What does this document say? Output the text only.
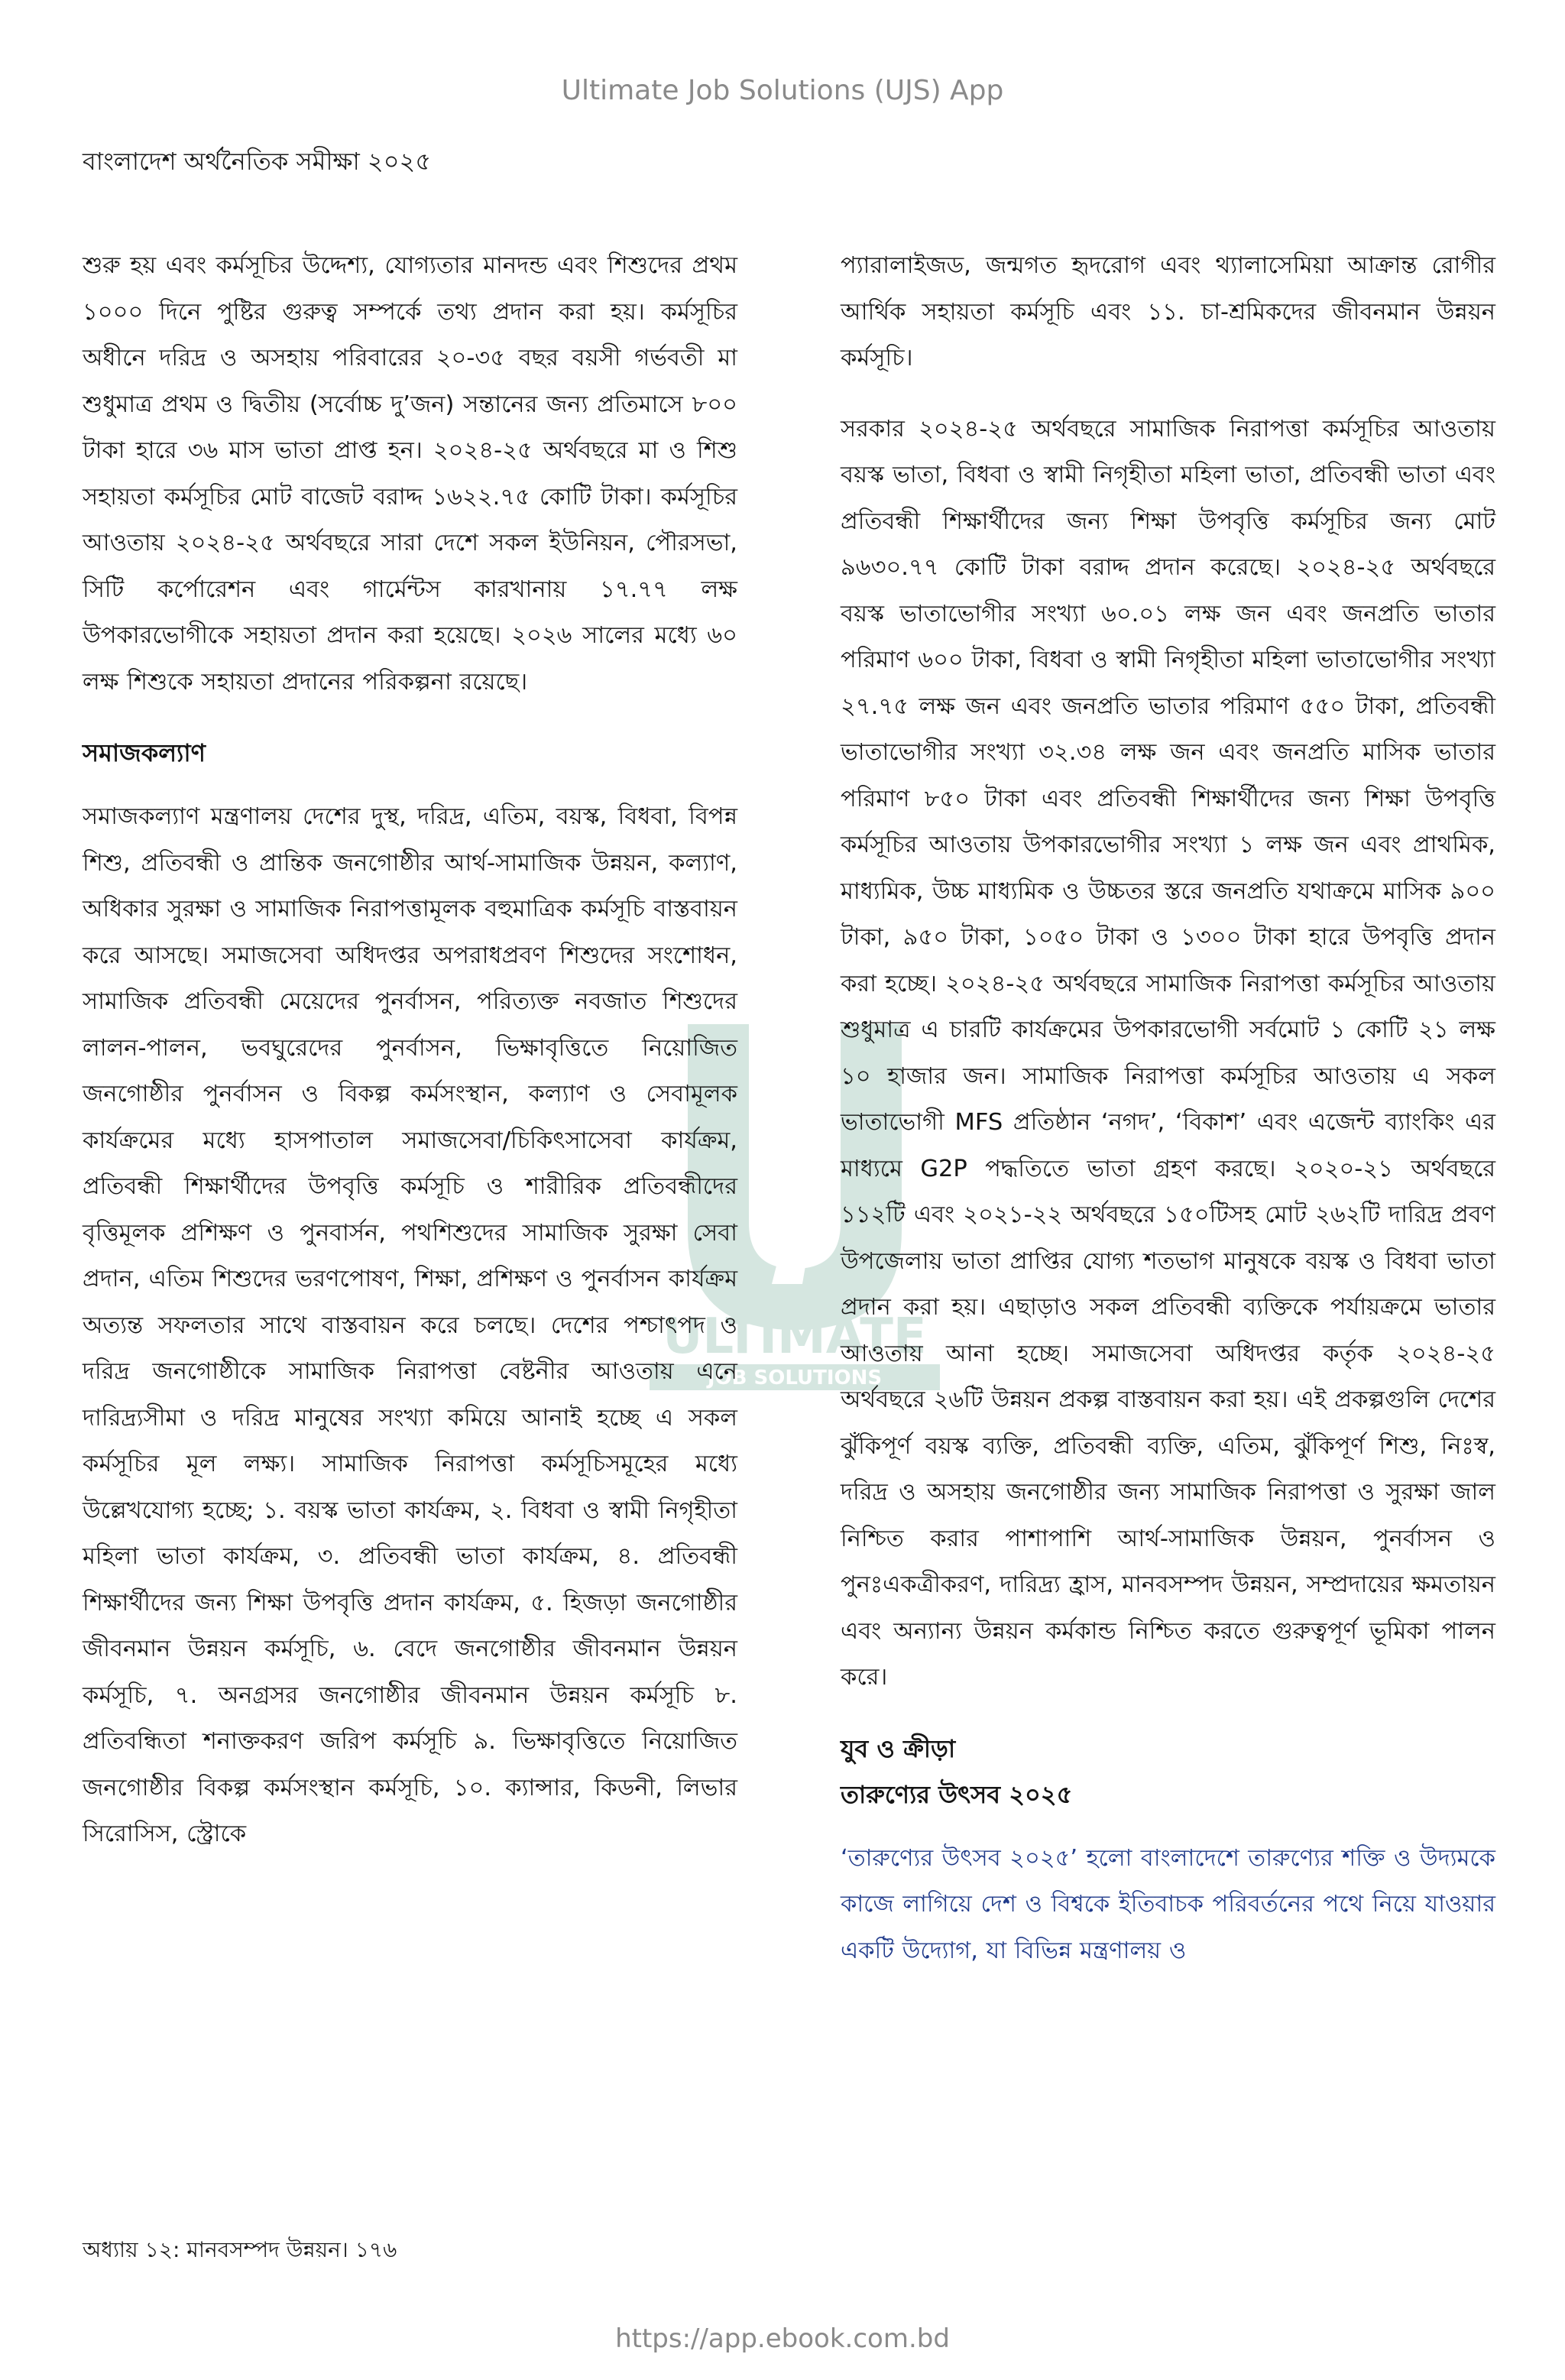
Ultimate Job Solutions (UJS) App
বাংলাদেশ অর্থনৈতিক সমীক্ষা ২০২৫
ULTIMATE
JOB SOLUTIONS

শুরু হয় এবং কর্মসূচির উদ্দেশ্য, যোগ্যতার মানদন্ড এবং শিশুদের প্রথম ১০০০ দিনে পুষ্টির গুরুত্ব সম্পর্কে তথ্য প্রদান করা হয়। কর্মসূচির অধীনে দরিদ্র ও অসহায় পরিবারের ২০-৩৫ বছর বয়সী গর্ভবতী মা শুধুমাত্র প্রথম ও দ্বিতীয় (সর্বোচ্চ দু’জন) সন্তানের জন্য প্রতিমাসে ৮০০ টাকা হারে ৩৬ মাস ভাতা প্রাপ্ত হন। ২০২৪-২৫ অর্থবছরে মা ও শিশু সহায়তা কর্মসূচির মোট বাজেট বরাদ্দ ১৬২২.৭৫ কোটি টাকা। কর্মসূচির আওতায় ২০২৪-২৫ অর্থবছরে সারা দেশে সকল ইউনিয়ন, পৌরসভা, সিটি কর্পোরেশন এবং গার্মেন্টস কারখানায় ১৭.৭৭ লক্ষ উপকারভোগীকে সহায়তা প্রদান করা হয়েছে। ২০২৬ সালের মধ্যে ৬০ লক্ষ শিশুকে সহায়তা প্রদানের পরিকল্পনা রয়েছে।

সমাজকল্যাণ

সমাজকল্যাণ মন্ত্রণালয় দেশের দুস্থ, দরিদ্র, এতিম, বয়স্ক, বিধবা, বিপন্ন শিশু, প্রতিবন্ধী ও প্রান্তিক জনগোষ্ঠীর আর্থ-সামাজিক উন্নয়ন, কল্যাণ, অধিকার সুরক্ষা ও সামাজিক নিরাপত্তামূলক বহুমাত্রিক কর্মসূচি বাস্তবায়ন করে আসছে। সমাজসেবা অধিদপ্তর অপরাধপ্রবণ শিশুদের সংশোধন, সামাজিক প্রতিবন্ধী মেয়েদের পুনর্বাসন, পরিত্যক্ত নবজাত শিশুদের লালন-পালন, ভবঘুরেদের পুনর্বাসন, ভিক্ষাবৃত্তিতে নিয়োজিত জনগোষ্ঠীর পুনর্বাসন ও বিকল্প কর্মসংস্থান, কল্যাণ ও সেবামূলক কার্যক্রমের মধ্যে হাসপাতাল সমাজসেবা/চিকিৎসাসেবা কার্যক্রম, প্রতিবন্ধী শিক্ষার্থীদের উপবৃত্তি কর্মসূচি ও শারীরিক প্রতিবন্ধীদের বৃত্তিমূলক প্রশিক্ষণ ও পুনবার্সন, পথশিশুদের সামাজিক সুরক্ষা সেবা প্রদান, এতিম শিশুদের ভরণপোষণ, শিক্ষা, প্রশিক্ষণ ও পুনর্বাসন কার্যক্রম অত্যন্ত সফলতার সাথে বাস্তবায়ন করে চলছে। দেশের পশ্চাৎপদ ও দরিদ্র জনগোষ্ঠীকে সামাজিক নিরাপত্তা বেষ্টনীর আওতায় এনে দারিদ্র্যসীমা ও দরিদ্র মানুষের সংখ্যা কমিয়ে আনাই হচ্ছে এ সকল কর্মসূচির মূল লক্ষ্য। সামাজিক নিরাপত্তা কর্মসূচিসমূহের মধ্যে উল্লেখযোগ্য হচ্ছে; ১. বয়স্ক ভাতা কার্যক্রম, ২. বিধবা ও স্বামী নিগৃহীতা মহিলা ভাতা কার্যক্রম, ৩. প্রতিবন্ধী ভাতা কার্যক্রম, ৪. প্রতিবন্ধী শিক্ষার্থীদের জন্য শিক্ষা উপবৃত্তি প্রদান কার্যক্রম, ৫. হিজড়া জনগোষ্ঠীর জীবনমান উন্নয়ন কর্মসূচি, ৬. বেদে জনগোষ্ঠীর জীবনমান উন্নয়ন কর্মসূচি, ৭. অনগ্রসর জনগোষ্ঠীর জীবনমান উন্নয়ন কর্মসূচি ৮. প্রতিবন্ধিতা শনাক্তকরণ জরিপ কর্মসূচি ৯. ভিক্ষাবৃত্তিতে নিয়োজিত জনগোষ্ঠীর বিকল্প কর্মসংস্থান কর্মসূচি, ১০. ক্যান্সার, কিডনী, লিভার সিরোসিস, স্ট্রোকে

প্যারালাইজড, জন্মগত হৃদরোগ এবং থ্যালাসেমিয়া আক্রান্ত রোগীর আর্থিক সহায়তা কর্মসূচি এবং ১১. চা-শ্রমিকদের জীবনমান উন্নয়ন কর্মসূচি।

সরকার ২০২৪-২৫ অর্থবছরে সামাজিক নিরাপত্তা কর্মসূচির আওতায় বয়স্ক ভাতা, বিধবা ও স্বামী নিগৃহীতা মহিলা ভাতা, প্রতিবন্ধী ভাতা এবং প্রতিবন্ধী শিক্ষার্থীদের জন্য শিক্ষা উপবৃত্তি কর্মসূচির জন্য মোট ৯৬৩০.৭৭ কোটি টাকা বরাদ্দ প্রদান করেছে। ২০২৪-২৫ অর্থবছরে বয়স্ক ভাতাভোগীর সংখ্যা ৬০.০১ লক্ষ জন এবং জনপ্রতি ভাতার পরিমাণ ৬০০ টাকা, বিধবা ও স্বামী নিগৃহীতা মহিলা ভাতাভোগীর সংখ্যা ২৭.৭৫ লক্ষ জন এবং জনপ্রতি ভাতার পরিমাণ ৫৫০ টাকা, প্রতিবন্ধী ভাতাভোগীর সংখ্যা ৩২.৩৪ লক্ষ জন এবং জনপ্রতি মাসিক ভাতার পরিমাণ ৮৫০ টাকা এবং প্রতিবন্ধী শিক্ষার্থীদের জন্য শিক্ষা উপবৃত্তি কর্মসূচির আওতায় উপকারভোগীর সংখ্যা ১ লক্ষ জন এবং প্রাথমিক, মাধ্যমিক, উচ্চ মাধ্যমিক ও উচ্চতর স্তরে জনপ্রতি যথাক্রমে মাসিক ৯০০ টাকা, ৯৫০ টাকা, ১০৫০ টাকা ও ১৩০০ টাকা হারে উপবৃত্তি প্রদান করা হচ্ছে। ২০২৪-২৫ অর্থবছরে সামাজিক নিরাপত্তা কর্মসূচির আওতায় শুধুমাত্র এ চারটি কার্যক্রমের উপকারভোগী সর্বমোট ১ কোটি ২১ লক্ষ ১০ হাজার জন। সামাজিক নিরাপত্তা কর্মসূচির আওতায় এ সকল ভাতাভোগী MFS প্রতিষ্ঠান ‘নগদ’, ‘বিকাশ’ এবং এজেন্ট ব্যাংকিং এর মাধ্যমে G2P পদ্ধতিতে ভাতা গ্রহণ করছে। ২০২০-২১ অর্থবছরে ১১২টি এবং ২০২১-২২ অর্থবছরে ১৫০টিসহ মোট ২৬২টি দারিদ্র প্রবণ উপজেলায় ভাতা প্রাপ্তির যোগ্য শতভাগ মানুষকে বয়স্ক ও বিধবা ভাতা প্রদান করা হয়। এছাড়াও সকল প্রতিবন্ধী ব্যক্তিকে পর্যায়ক্রমে ভাতার আওতায় আনা হচ্ছে। সমাজসেবা অধিদপ্তর কর্তৃক ২০২৪-২৫ অর্থবছরে ২৬টি উন্নয়ন প্রকল্প বাস্তবায়ন করা হয়। এই প্রকল্পগুলি দেশের ঝুঁকিপূর্ণ বয়স্ক ব্যক্তি, প্রতিবন্ধী ব্যক্তি, এতিম, ঝুঁকিপূর্ণ শিশু, নিঃস্ব, দরিদ্র ও অসহায় জনগোষ্ঠীর জন্য সামাজিক নিরাপত্তা ও সুরক্ষা জাল নিশ্চিত করার পাশাপাশি আর্থ-সামাজিক উন্নয়ন, পুনর্বাসন ও পুনঃএকত্রীকরণ, দারিদ্র্য হ্রাস, মানবসম্পদ উন্নয়ন, সম্প্রদায়ের ক্ষমতায়ন এবং অন্যান্য উন্নয়ন কর্মকান্ড নিশ্চিত করতে গুরুত্বপূর্ণ ভূমিকা পালন করে।

যুব ও ক্রীড়া
তারুণ্যের উৎসব ২০২৫

‘তারুণ্যের উৎসব ২০২৫’ হলো বাংলাদেশে তারুণ্যের শক্তি ও উদ্যমকে কাজে লাগিয়ে দেশ ও বিশ্বকে ইতিবাচক পরিবর্তনের পথে নিয়ে যাওয়ার একটি উদ্যোগ, যা বিভিন্ন মন্ত্রণালয় ও

অধ্যায় ১২: মানবসম্পদ উন্নয়ন। ১৭৬
https://app.ebook.com.bd
